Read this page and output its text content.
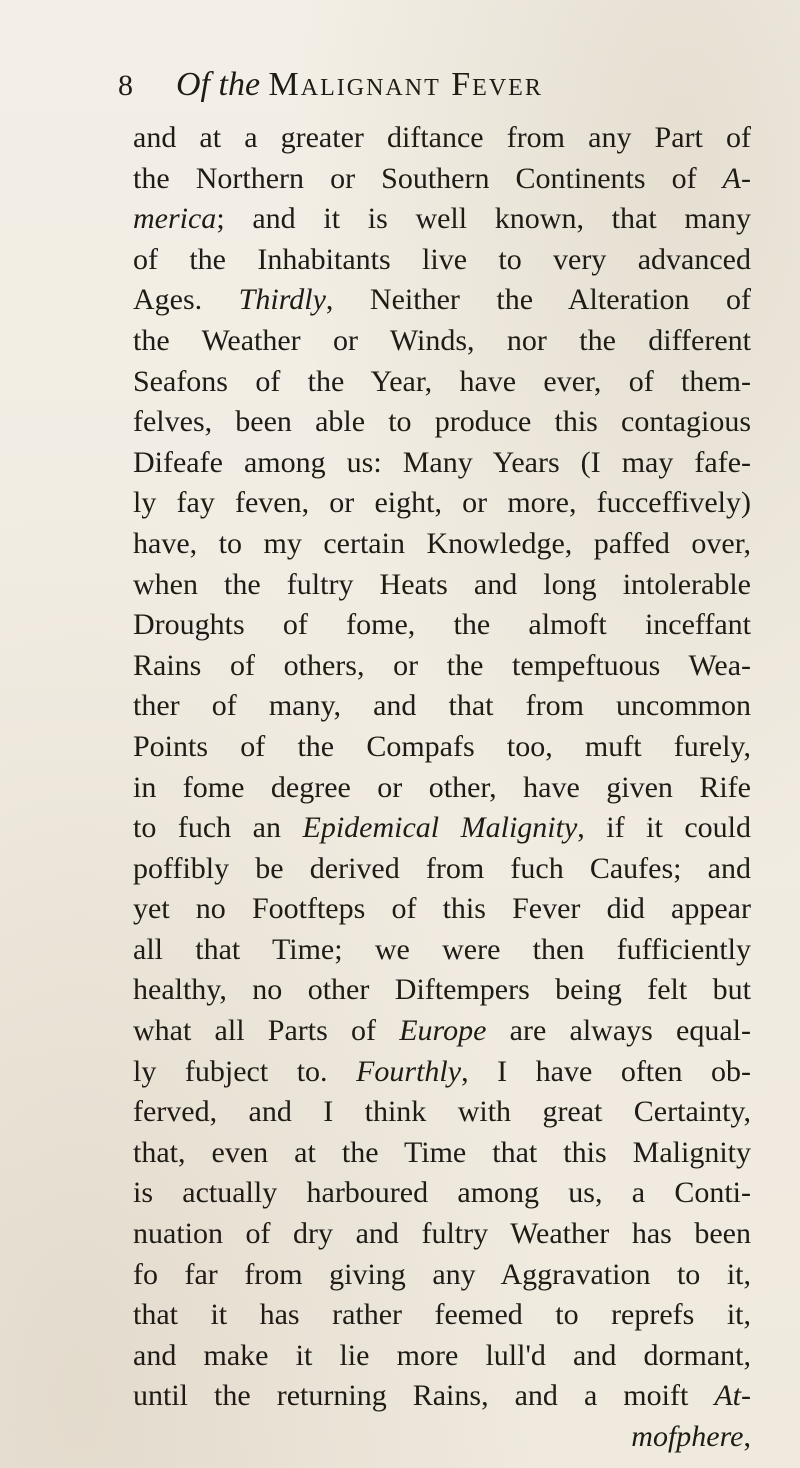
8 Of the Malignant Fever
and at a greater diftance from any Part of
the Northern or Southern Continents of A-
merica; and it is well known, that many
of the Inhabitants live to very advanced
Ages. Thirdly, Neither the Alteration of
the Weather or Winds, nor the different
Seafons of the Year, have ever, of them-
felves, been able to produce this contagious
Difeafe among us: Many Years (I may fafe-
ly fay feven, or eight, or more, fucceffively)
have, to my certain Knowledge, paffed over,
when the fultry Heats and long intolerable
Droughts of fome, the almoft inceffant
Rains of others, or the tempeftuous Wea-
ther of many, and that from uncommon
Points of the Compafs too, muft furely,
in fome degree or other, have given Rife
to fuch an Epidemical Malignity, if it could
poffibly be derived from fuch Caufes; and
yet no Footfteps of this Fever did appear
all that Time; we were then fufficiently
healthy, no other Diftempers being felt but
what all Parts of Europe are always equal-
ly fubject to. Fourthly, I have often ob-
ferved, and I think with great Certainty,
that, even at the Time that this Malignity
is actually harboured among us, a Conti-
nuation of dry and fultry Weather has been
fo far from giving any Aggravation to it,
that it has rather feemed to reprefs it,
and make it lie more lull'd and dormant,
until the returning Rains, and a moift At-
mofphere,
